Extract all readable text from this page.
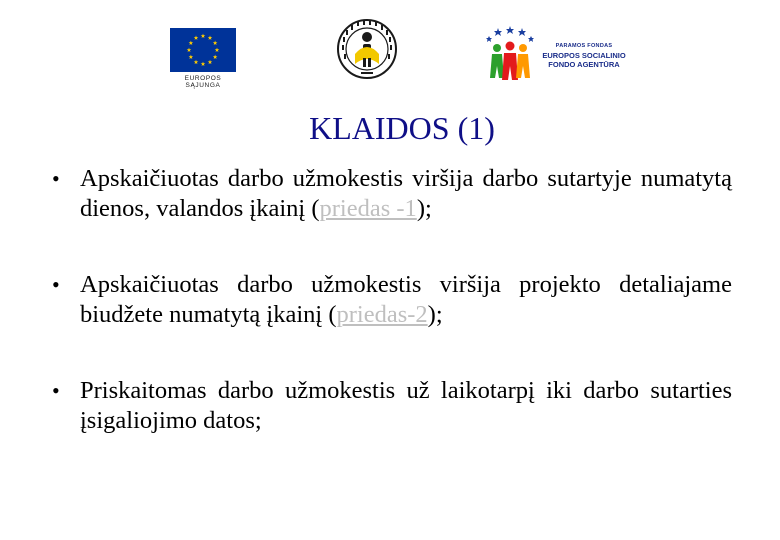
EUROPOS SĄJUNGA
PARAMOS FONDAS
EUROPOS SOCIALINIO
FONDO AGENTŪRA
KLAIDOS (1)
• Apskaičiuotas darbo užmokestis viršija darbo sutartyje numatytą dienos, valandos įkainį (priedas -1);
• Apskaičiuotas darbo užmokestis viršija projekto detaliajame biudžete numatytą įkainį (priedas-2);
• Priskaitomas darbo užmokestis už laikotarpį iki darbo sutarties įsigaliojimo datos;
